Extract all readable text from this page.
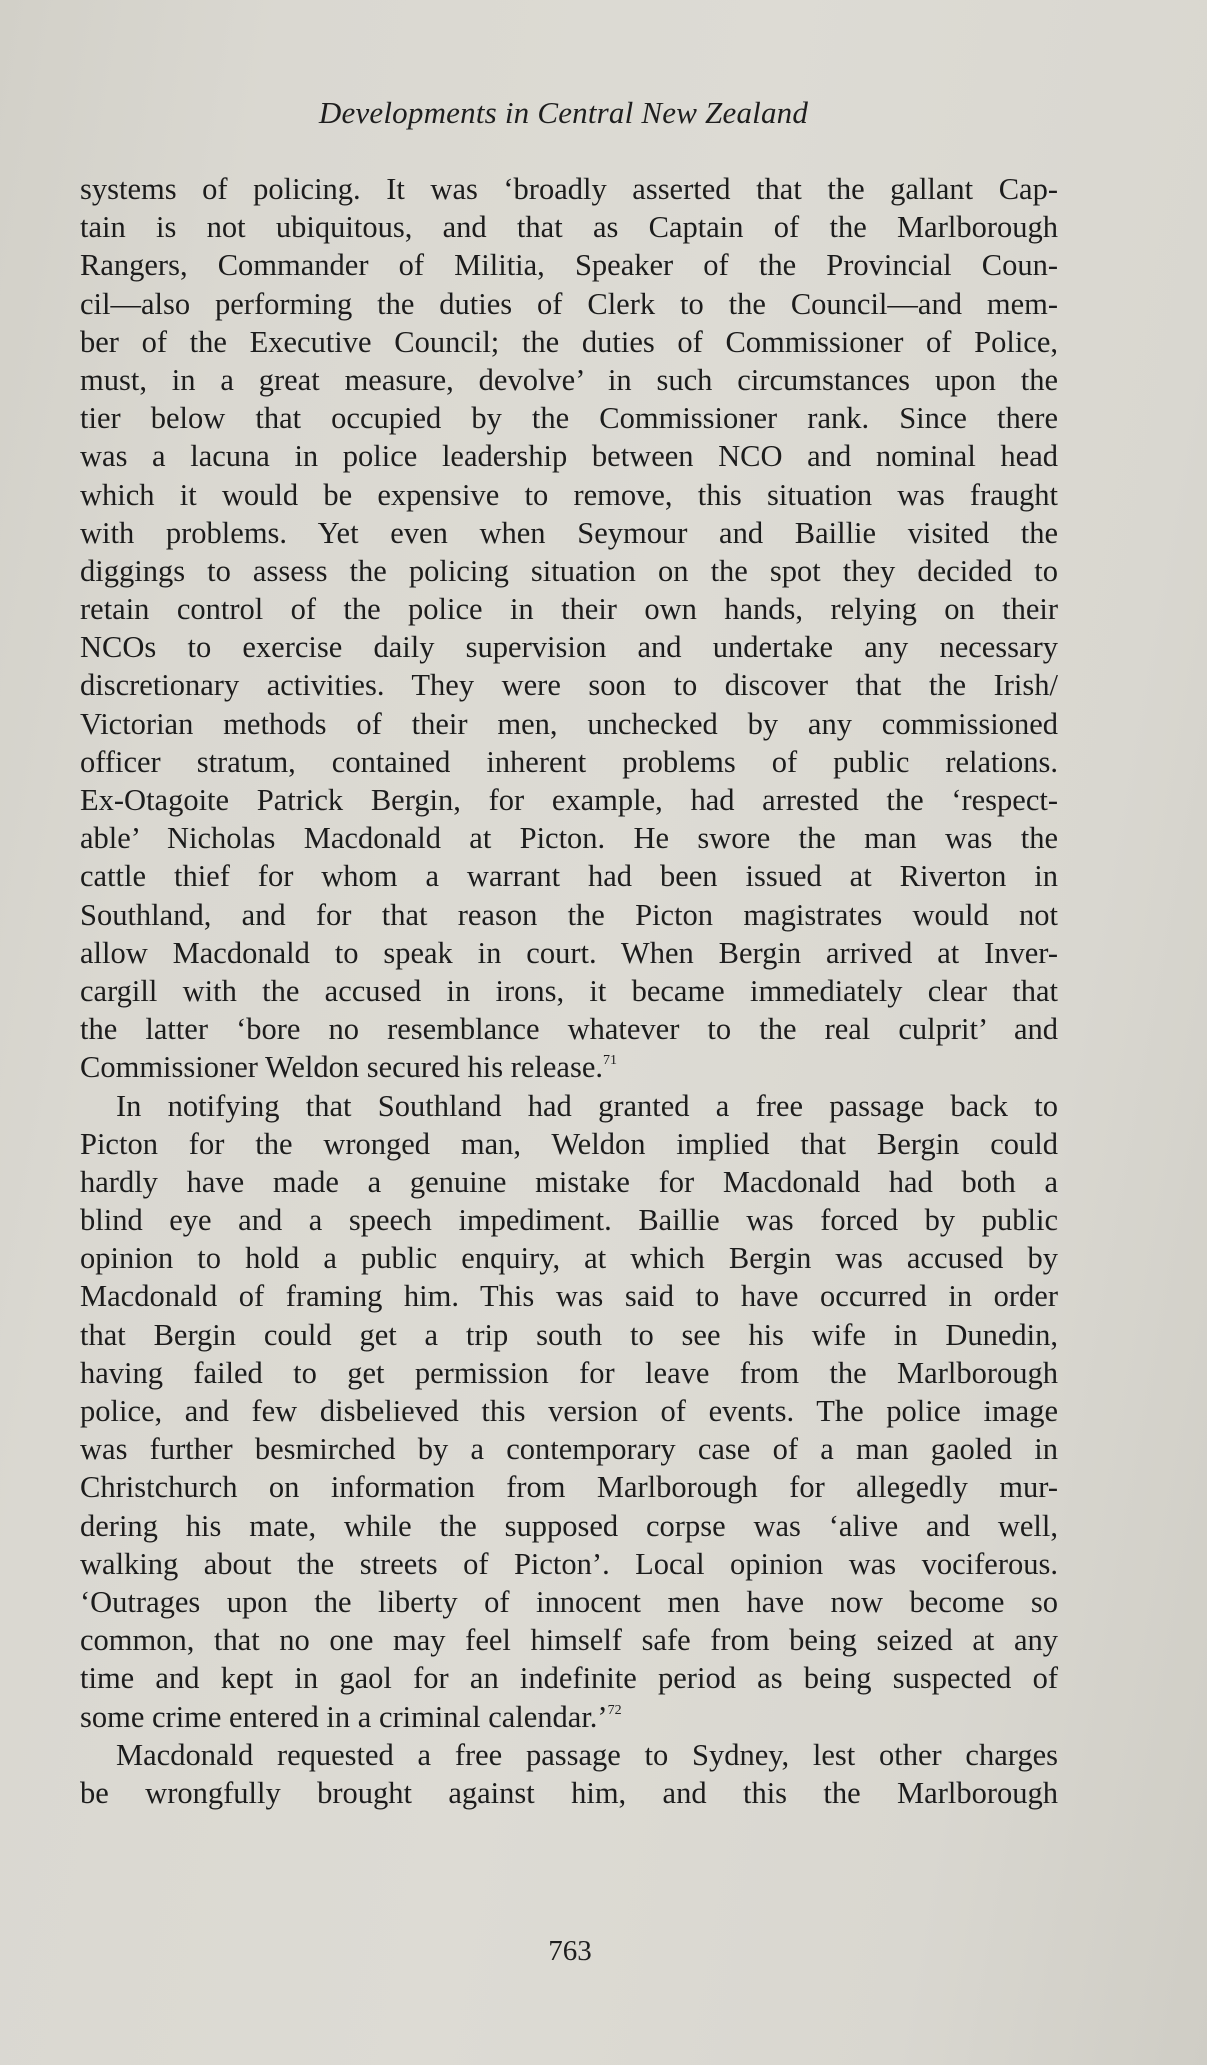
Developments in Central New Zealand

systems of policing. It was ‘broadly asserted that the gallant Cap-
tain is not ubiquitous, and that as Captain of the Marlborough
Rangers, Commander of Militia, Speaker of the Provincial Coun-
cil—also performing the duties of Clerk to the Council—and mem-
ber of the Executive Council; the duties of Commissioner of Police,
must, in a great measure, devolve’ in such circumstances upon the
tier below that occupied by the Commissioner rank. Since there
was a lacuna in police leadership between NCO and nominal head
which it would be expensive to remove, this situation was fraught
with problems. Yet even when Seymour and Baillie visited the
diggings to assess the policing situation on the spot they decided to
retain control of the police in their own hands, relying on their
NCOs to exercise daily supervision and undertake any necessary
discretionary activities. They were soon to discover that the Irish/
Victorian methods of their men, unchecked by any commissioned
officer stratum, contained inherent problems of public relations.
Ex-Otagoite Patrick Bergin, for example, had arrested the ‘respect-
able’ Nicholas Macdonald at Picton. He swore the man was the
cattle thief for whom a warrant had been issued at Riverton in
Southland, and for that reason the Picton magistrates would not
allow Macdonald to speak in court. When Bergin arrived at Inver-
cargill with the accused in irons, it became immediately clear that
the latter ‘bore no resemblance whatever to the real culprit’ and
Commissioner Weldon secured his release.$^{71}$

In notifying that Southland had granted a free passage back to
Picton for the wronged man, Weldon implied that Bergin could
hardly have made a genuine mistake for Macdonald had both a
blind eye and a speech impediment. Baillie was forced by public
opinion to hold a public enquiry, at which Bergin was accused by
Macdonald of framing him. This was said to have occurred in order
that Bergin could get a trip south to see his wife in Dunedin,
having failed to get permission for leave from the Marlborough
police, and few disbelieved this version of events. The police image
was further besmirched by a contemporary case of a man gaoled in
Christchurch on information from Marlborough for allegedly mur-
dering his mate, while the supposed corpse was ‘alive and well,
walking about the streets of Picton’. Local opinion was vociferous.
‘Outrages upon the liberty of innocent men have now become so
common, that no one may feel himself safe from being seized at any
time and kept in gaol for an indefinite period as being suspected of
some crime entered in a criminal calendar.’$^{72}$

Macdonald requested a free passage to Sydney, lest other charges
be wrongfully brought against him, and this the Marlborough

763
